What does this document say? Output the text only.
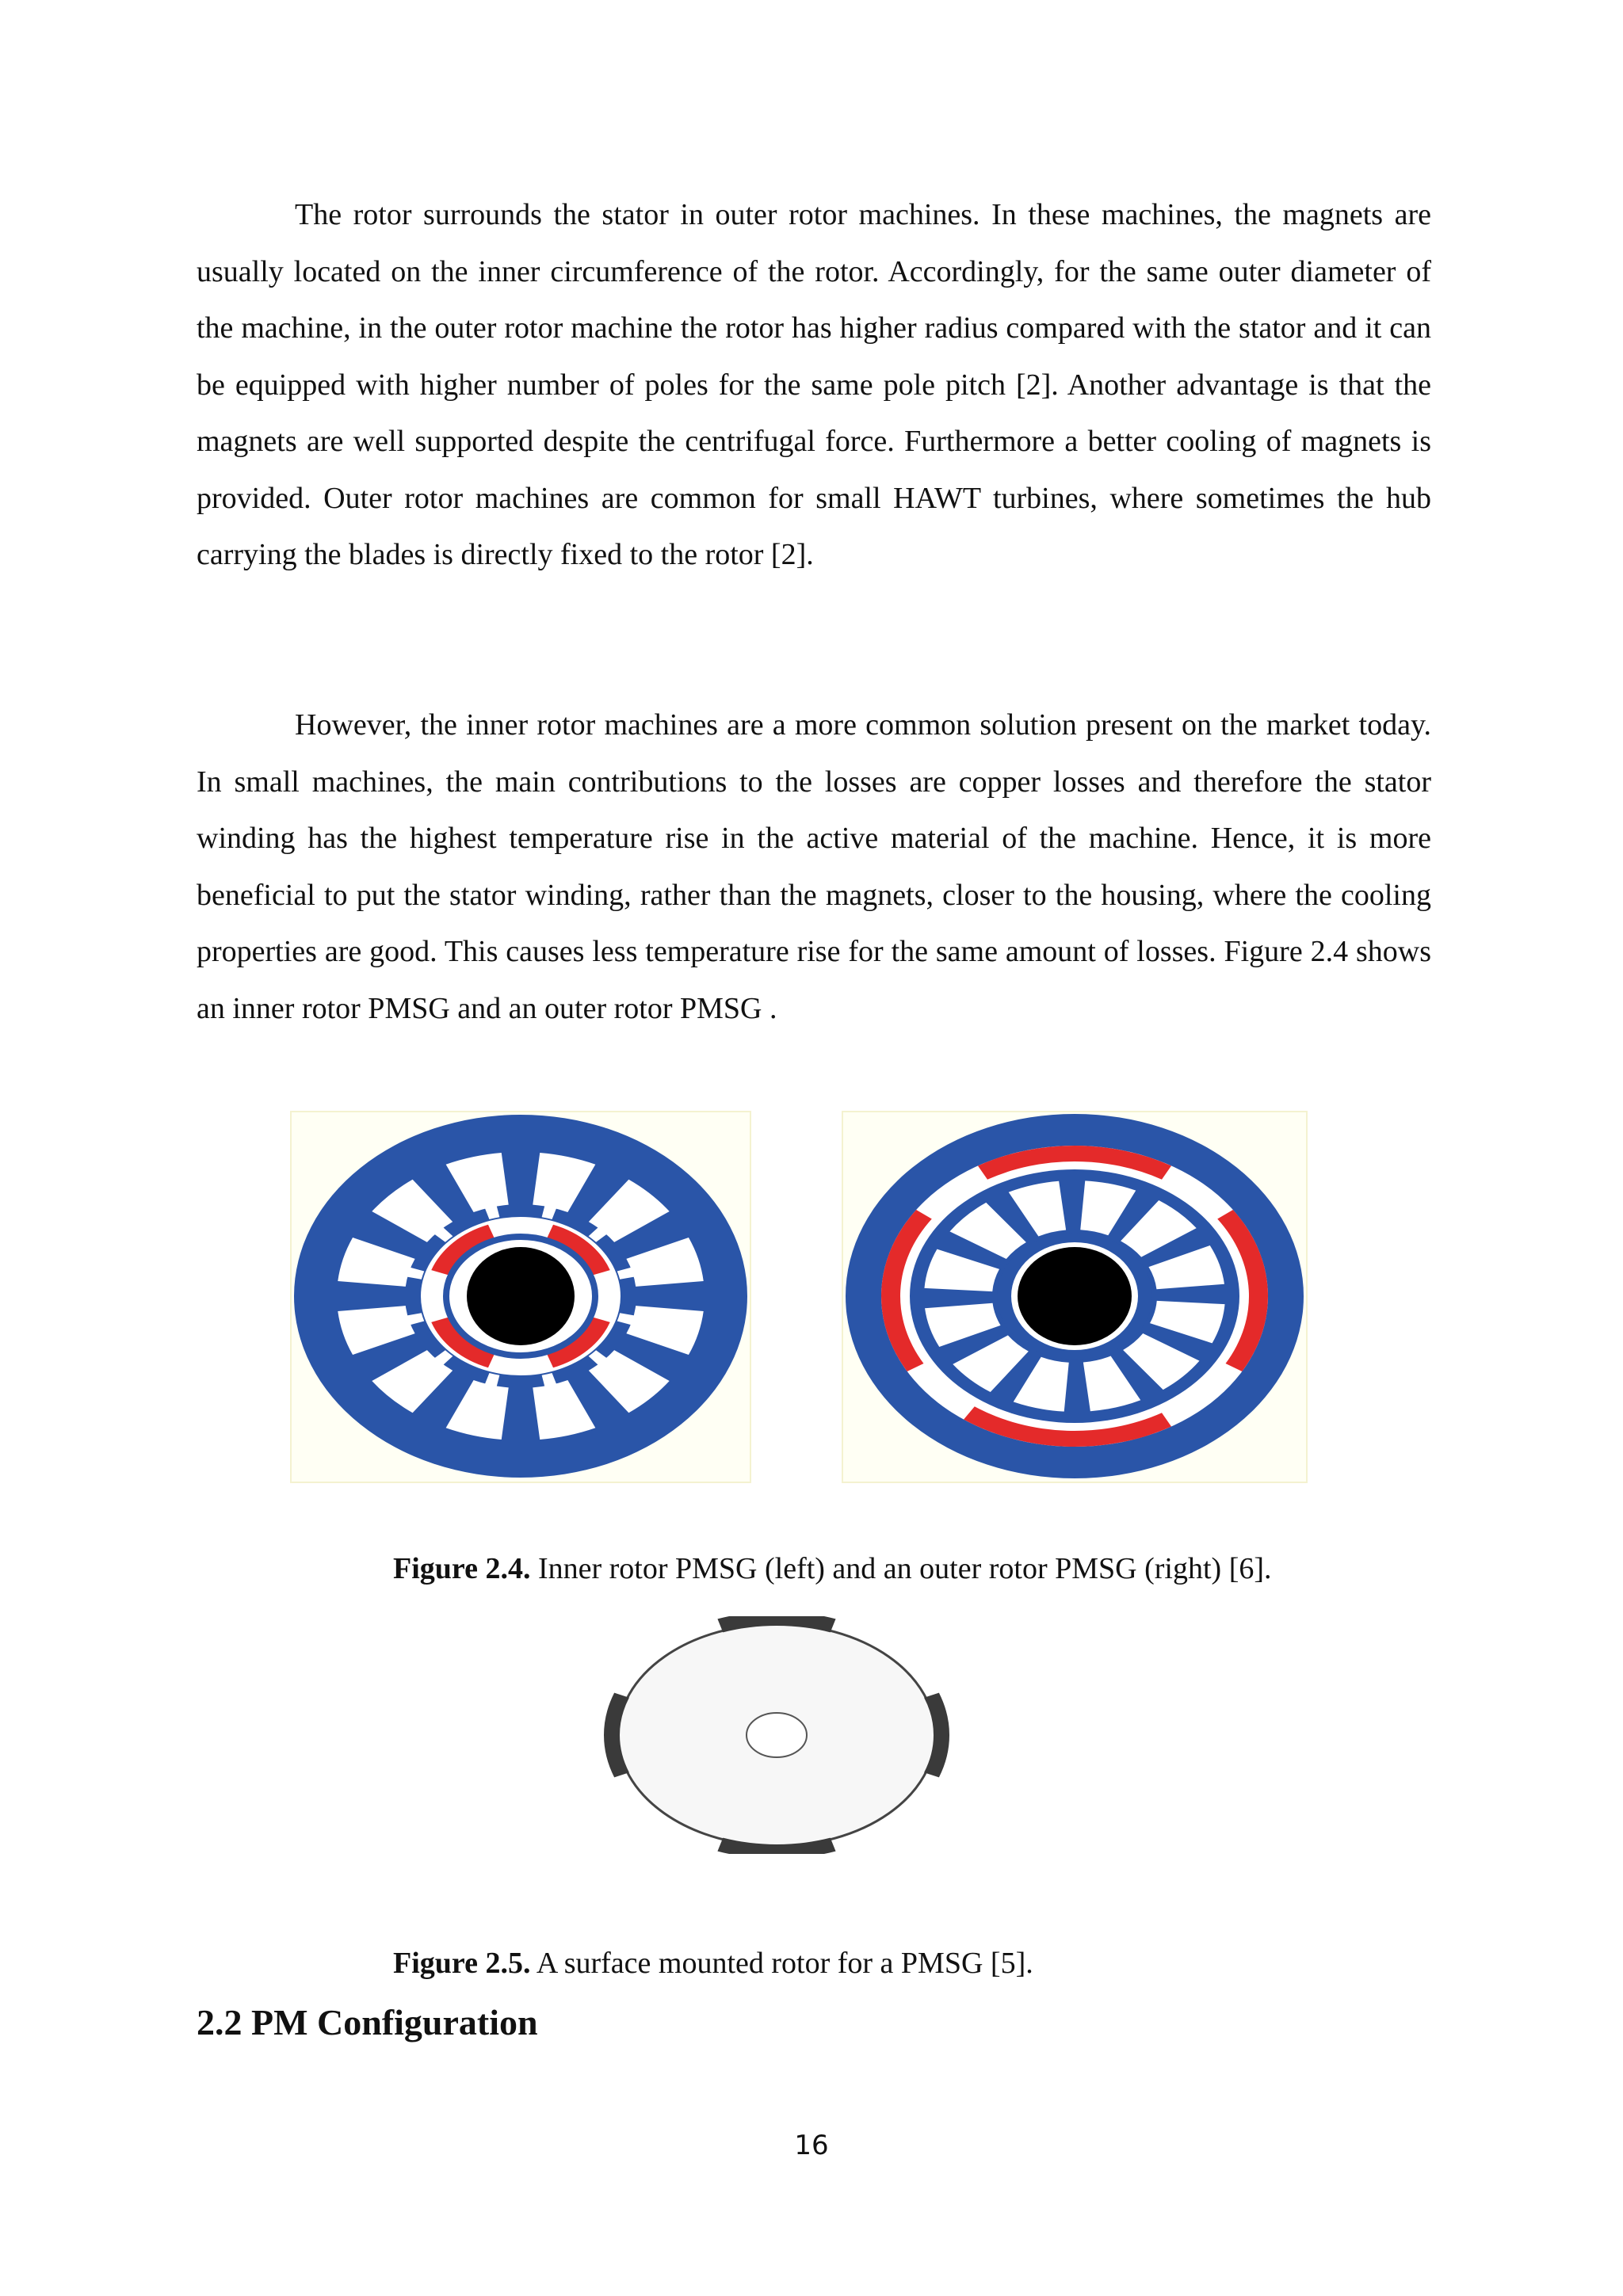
The rotor surrounds the stator in outer rotor machines. In these machines, the magnets are usually located on the inner circumference of the rotor. Accordingly, for the same outer diameter of the machine, in the outer rotor machine the rotor has higher radius compared with the stator and it can be equipped with higher number of poles for the same pole pitch [2]. Another advantage is that the magnets are well supported despite the centrifugal force. Furthermore a better cooling of magnets is provided. Outer rotor machines are common for small HAWT turbines, where sometimes the hub carrying the blades is directly fixed to the rotor [2].

However, the inner rotor machines are a more common solution present on the market today. In small machines, the main contributions to the losses are copper losses and therefore the stator winding has the highest temperature rise in the active material of the machine. Hence, it is more beneficial to put the stator winding, rather than the magnets, closer to the housing, where the cooling properties are good. This causes less temperature rise for the same amount of losses. Figure 2.4 shows an inner rotor PMSG and an outer rotor PMSG .

Figure 2.4. Inner rotor PMSG (left) and an outer rotor PMSG (right) [6].

Figure 2.5. A surface mounted rotor for a PMSG [5].

2.2 PM Configuration

16
